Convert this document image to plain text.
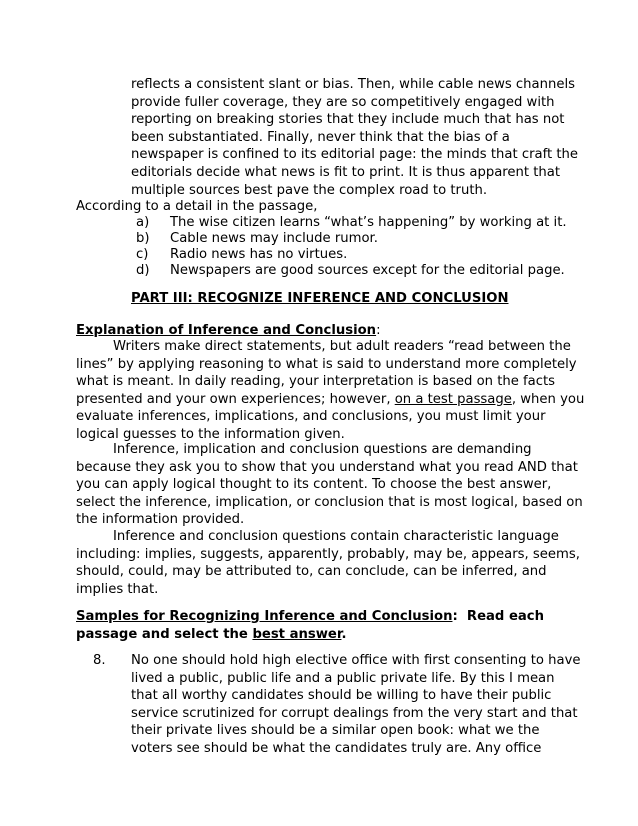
reflects a consistent slant or bias. Then, while cable news channels
provide fuller coverage, they are so competitively engaged with
reporting on breaking stories that they include much that has not
been substantiated. Finally, never think that the bias of a
newspaper is confined to its editorial page: the minds that craft the
editorials decide what news is fit to print. It is thus apparent that
multiple sources best pave the complex road to truth.
According to a detail in the passage,
a) The wise citizen learns “what’s happening” by working at it.
b) Cable news may include rumor.
c) Radio news has no virtues.
d) Newspapers are good sources except for the editorial page.
PART III: RECOGNIZE INFERENCE AND CONCLUSION
Explanation of Inference and Conclusion:
Writers make direct statements, but adult readers “read between the
lines” by applying reasoning to what is said to understand more completely
what is meant. In daily reading, your interpretation is based on the facts
presented and your own experiences; however, on a test passage, when you
evaluate inferences, implications, and conclusions, you must limit your
logical guesses to the information given.
Inference, implication and conclusion questions are demanding
because they ask you to show that you understand what you read AND that
you can apply logical thought to its content. To choose the best answer,
select the inference, implication, or conclusion that is most logical, based on
the information provided.
Inference and conclusion questions contain characteristic language
including: implies, suggests, apparently, probably, may be, appears, seems,
should, could, may be attributed to, can conclude, can be inferred, and
implies that.
Samples for Recognizing Inference and Conclusion:  Read each
passage and select the best answer.
8. No one should hold high elective office with first consenting to have
lived a public, public life and a public private life. By this I mean
that all worthy candidates should be willing to have their public
service scrutinized for corrupt dealings from the very start and that
their private lives should be a similar open book: what we the
voters see should be what the candidates truly are. Any office
